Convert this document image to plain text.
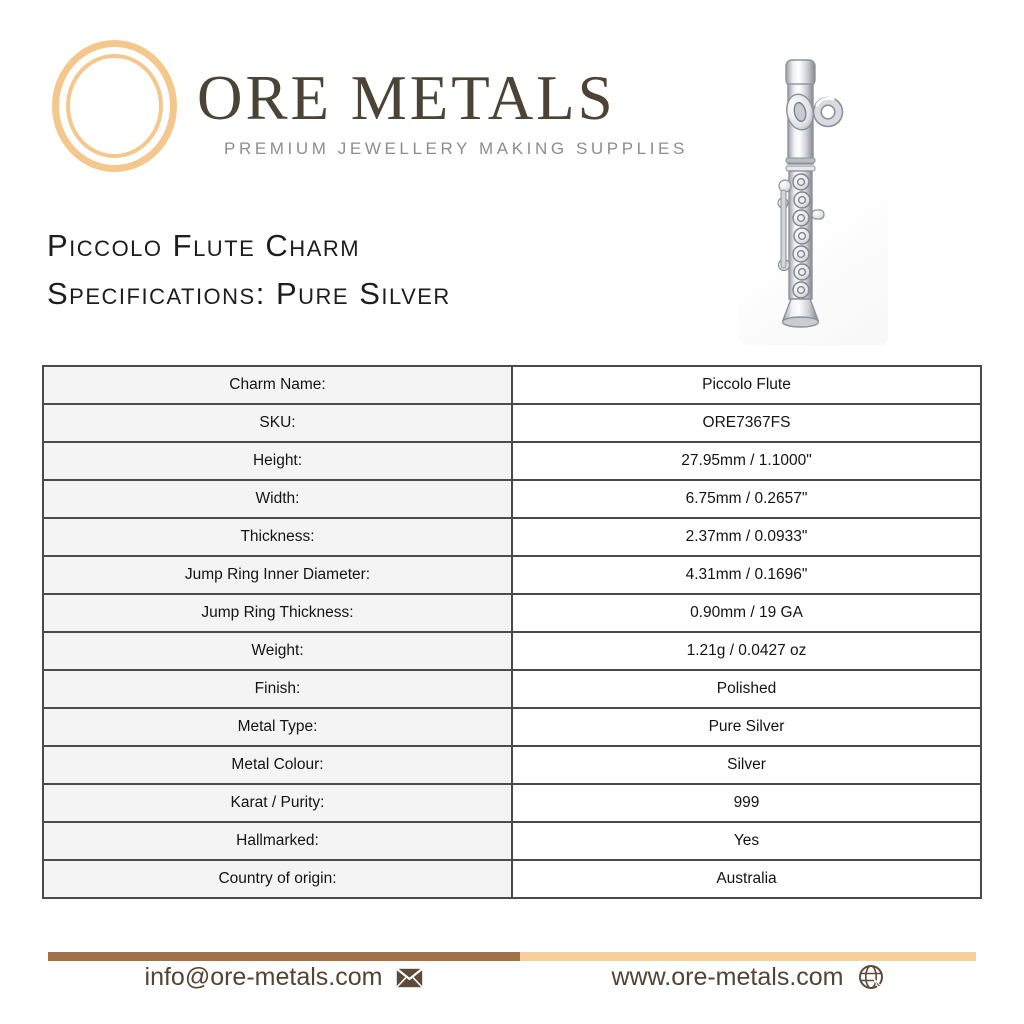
ORE METALS
PREMIUM JEWELLERY MAKING SUPPLIES
Piccolo Flute Charm
Specifications: Pure Silver
Charm Name:	Piccolo Flute
SKU:	ORE7367FS
Height:	27.95mm / 1.1000"
Width:	6.75mm / 0.2657"
Thickness:	2.37mm / 0.0933"
Jump Ring Inner Diameter:	4.31mm / 0.1696"
Jump Ring Thickness:	0.90mm / 19 GA
Weight:	1.21g / 0.0427 oz
Finish:	Polished
Metal Type:	Pure Silver
Metal Colour:	Silver
Karat / Purity:	999
Hallmarked:	Yes
Country of origin:	Australia
info@ore-metals.com	www.ore-metals.com
